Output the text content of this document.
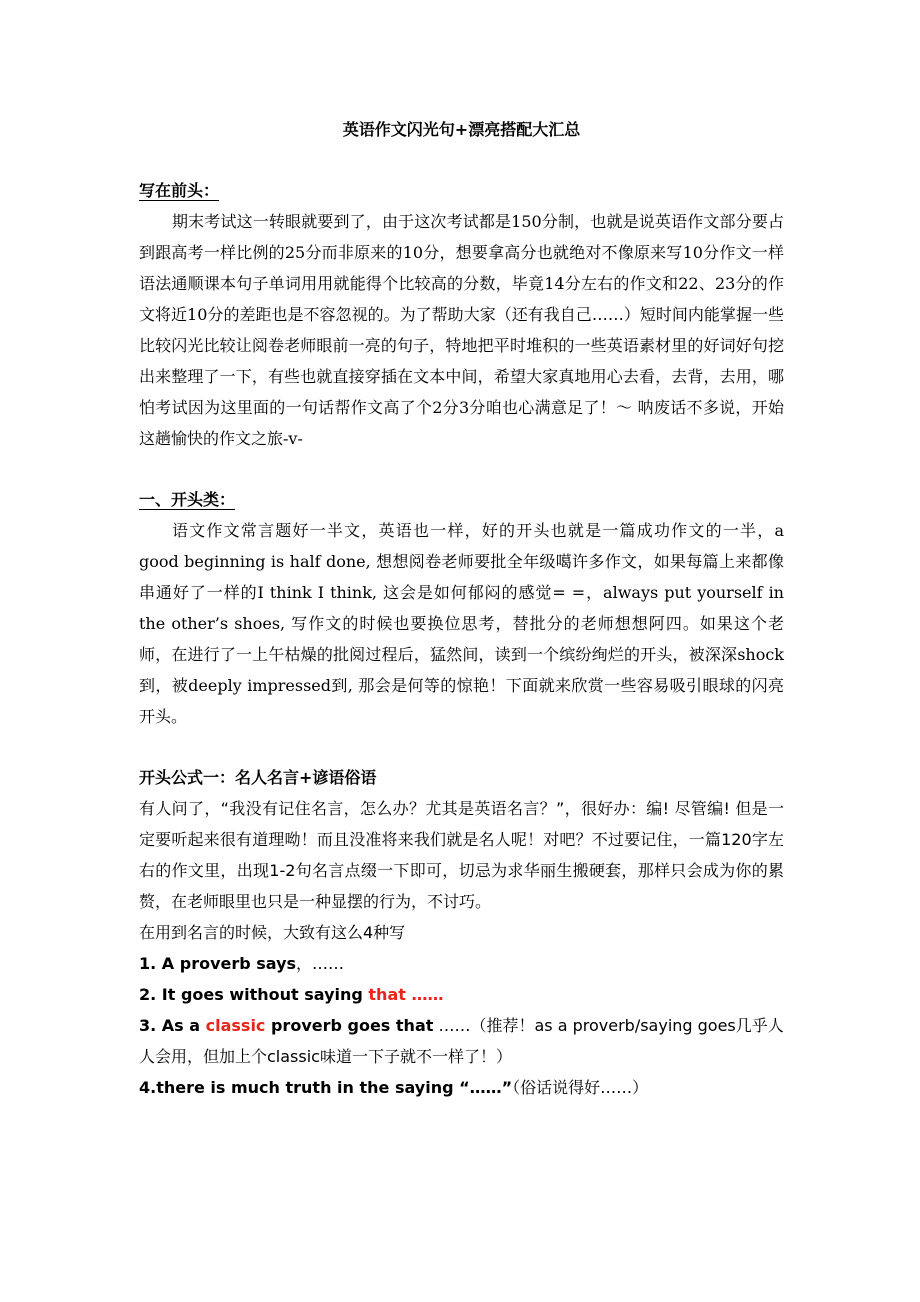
英语作文闪光句+漂亮搭配大汇总
写在前头：

期末考试这一转眼就要到了，由于这次考试都是150分制，也就是说英语作文部分要占到跟高考一样比例的25分而非原来的10分，想要拿高分也就绝对不像原来写10分作文一样语法通顺课本句子单词用用就能得个比较高的分数，毕竟14分左右的作文和22、23分的作文将近10分的差距也是不容忽视的。为了帮助大家（还有我自己……）短时间内能掌握一些比较闪光比较让阅卷老师眼前一亮的句子，特地把平时堆积的一些英语素材里的好词好句挖出来整理了一下，有些也就直接穿插在文本中间，希望大家真地用心去看，去背，去用，哪怕考试因为这里面的一句话帮作文高了个2分3分咱也心满意足了！～ 呐废话不多说，开始这趟愉快的作文之旅-v-

一、开头类：

语文作文常言题好一半文，英语也一样，好的开头也就是一篇成功作文的一半，a good beginning is half done, 想想阅卷老师要批全年级噶许多作文，如果每篇上来都像串通好了一样的I think I think, 这会是如何郁闷的感觉= =，always put yourself in the other’s shoes, 写作文的时候也要换位思考，替批分的老师想想阿四。如果这个老师，在进行了一上午枯燥的批阅过程后，猛然间，读到一个缤纷绚烂的开头，被深深shock到，被deeply impressed到, 那会是何等的惊艳！下面就来欣赏一些容易吸引眼球的闪亮开头。

开头公式一：名人名言+谚语俗语

有人问了，“我没有记住名言，怎么办？尤其是英语名言？”，很好办：编! 尽管编! 但是一定要听起来很有道理呦！而且没准将来我们就是名人呢！对吧？不过要记住，一篇120字左右的作文里，出现1-2句名言点缀一下即可，切忌为求华丽生搬硬套，那样只会成为你的累赘，在老师眼里也只是一种显摆的行为，不讨巧。

在用到名言的时候，大致有这么4种写

1. A proverb says，……

2. It goes without saying that ……

3. As a classic proverb goes that ……（推荐！as a proverb/saying goes几乎人人会用，但加上个classic味道一下子就不一样了！）

4.there is much truth in the saying “……”（俗话说得好……）
